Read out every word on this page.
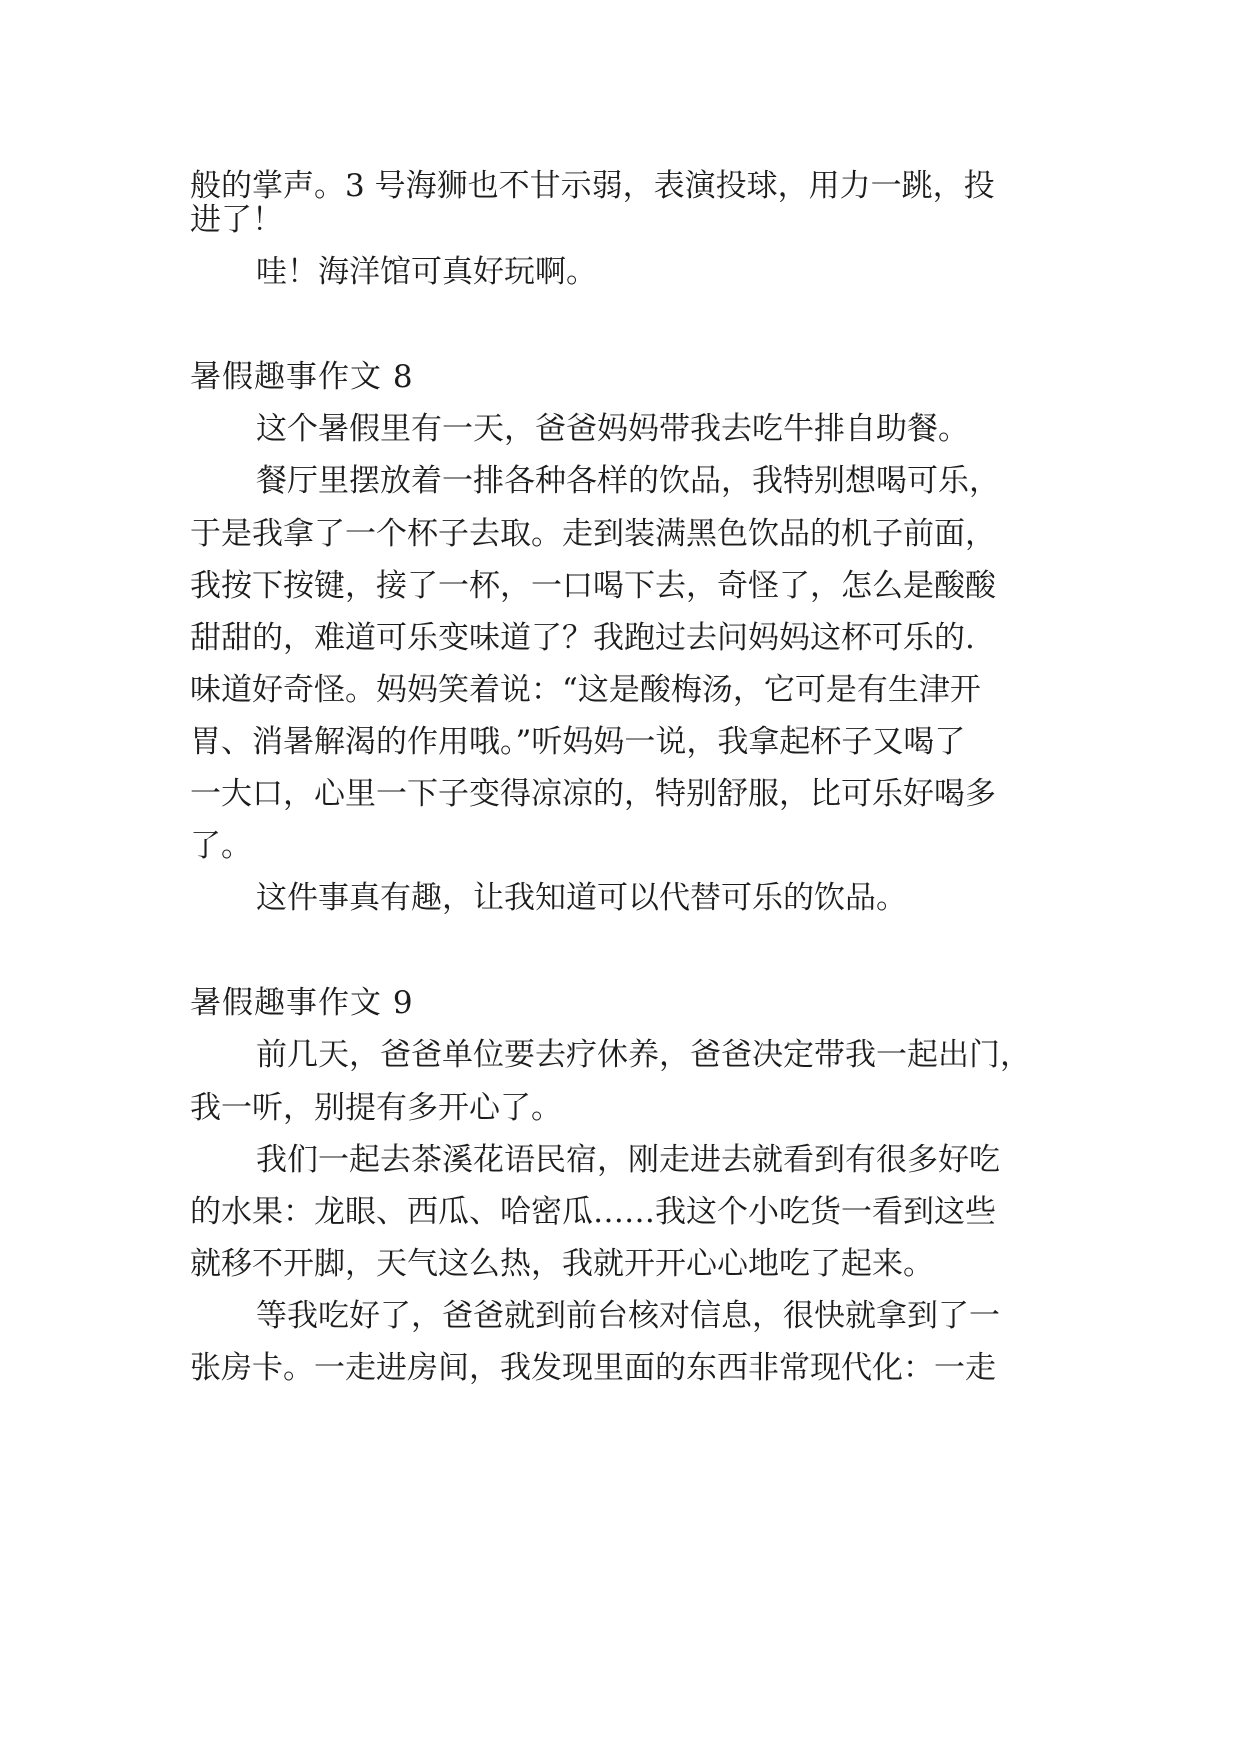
般的掌声。3 号海狮也不甘示弱，表演投球，用力一跳，投
进了！
哇！海洋馆可真好玩啊。
暑假趣事作文 8
这个暑假里有一天，爸爸妈妈带我去吃牛排自助餐。
餐厅里摆放着一排各种各样的饮品，我特别想喝可乐，
于是我拿了一个杯子去取。走到装满黑色饮品的机子前面，
我按下按键，接了一杯，一口喝下去，奇怪了，怎么是酸酸
甜甜的，难道可乐变味道了？我跑过去问妈妈这杯可乐的.
味道好奇怪。妈妈笑着说：“这是酸梅汤，它可是有生津开
胃、消暑解渴的作用哦。”听妈妈一说，我拿起杯子又喝了
一大口，心里一下子变得凉凉的，特别舒服，比可乐好喝多
了。
这件事真有趣，让我知道可以代替可乐的饮品。
暑假趣事作文 9
前几天，爸爸单位要去疗休养，爸爸决定带我一起出门，
我一听，别提有多开心了。
我们一起去茶溪花语民宿，刚走进去就看到有很多好吃
的水果：龙眼、西瓜、哈密瓜……我这个小吃货一看到这些
就移不开脚，天气这么热，我就开开心心地吃了起来。
等我吃好了，爸爸就到前台核对信息，很快就拿到了一
张房卡。一走进房间，我发现里面的东西非常现代化：一走
